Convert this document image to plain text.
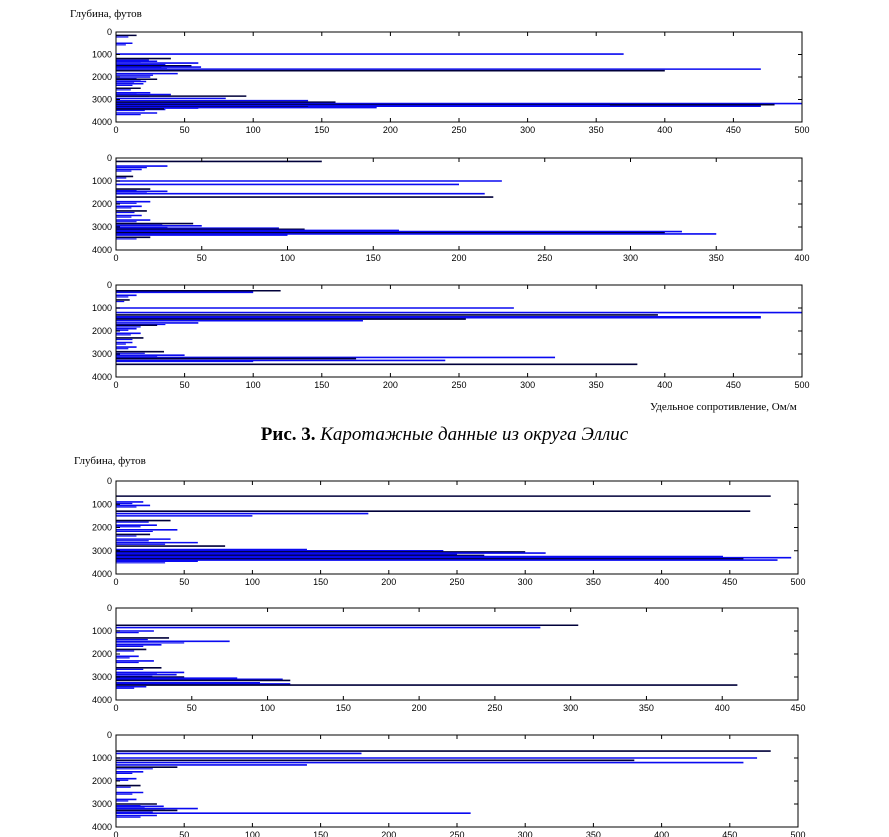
Глубина, футов
Удельное сопротивление, Ом/м
Глубина, футов
0	50	100	150	200	250	300	350	400	450	500
0
1000
2000
3000
4000
0	50	100	150	200	250	300	350	400
0
1000
2000
3000
4000
0	50	100	150	200	250	300	350	400	450	500
0
1000
2000
3000
4000
0	50	100	150	200	250	300	350	400	450	500
0
1000
2000
3000
4000
0	50	100	150	200	250	300	350	400	450
0
1000
2000
3000
4000
0	50	100	150	200	250	300	350	400	450	500
0
1000
2000
3000
4000
Рис. 3. Каротажные данные из округа Эллис
